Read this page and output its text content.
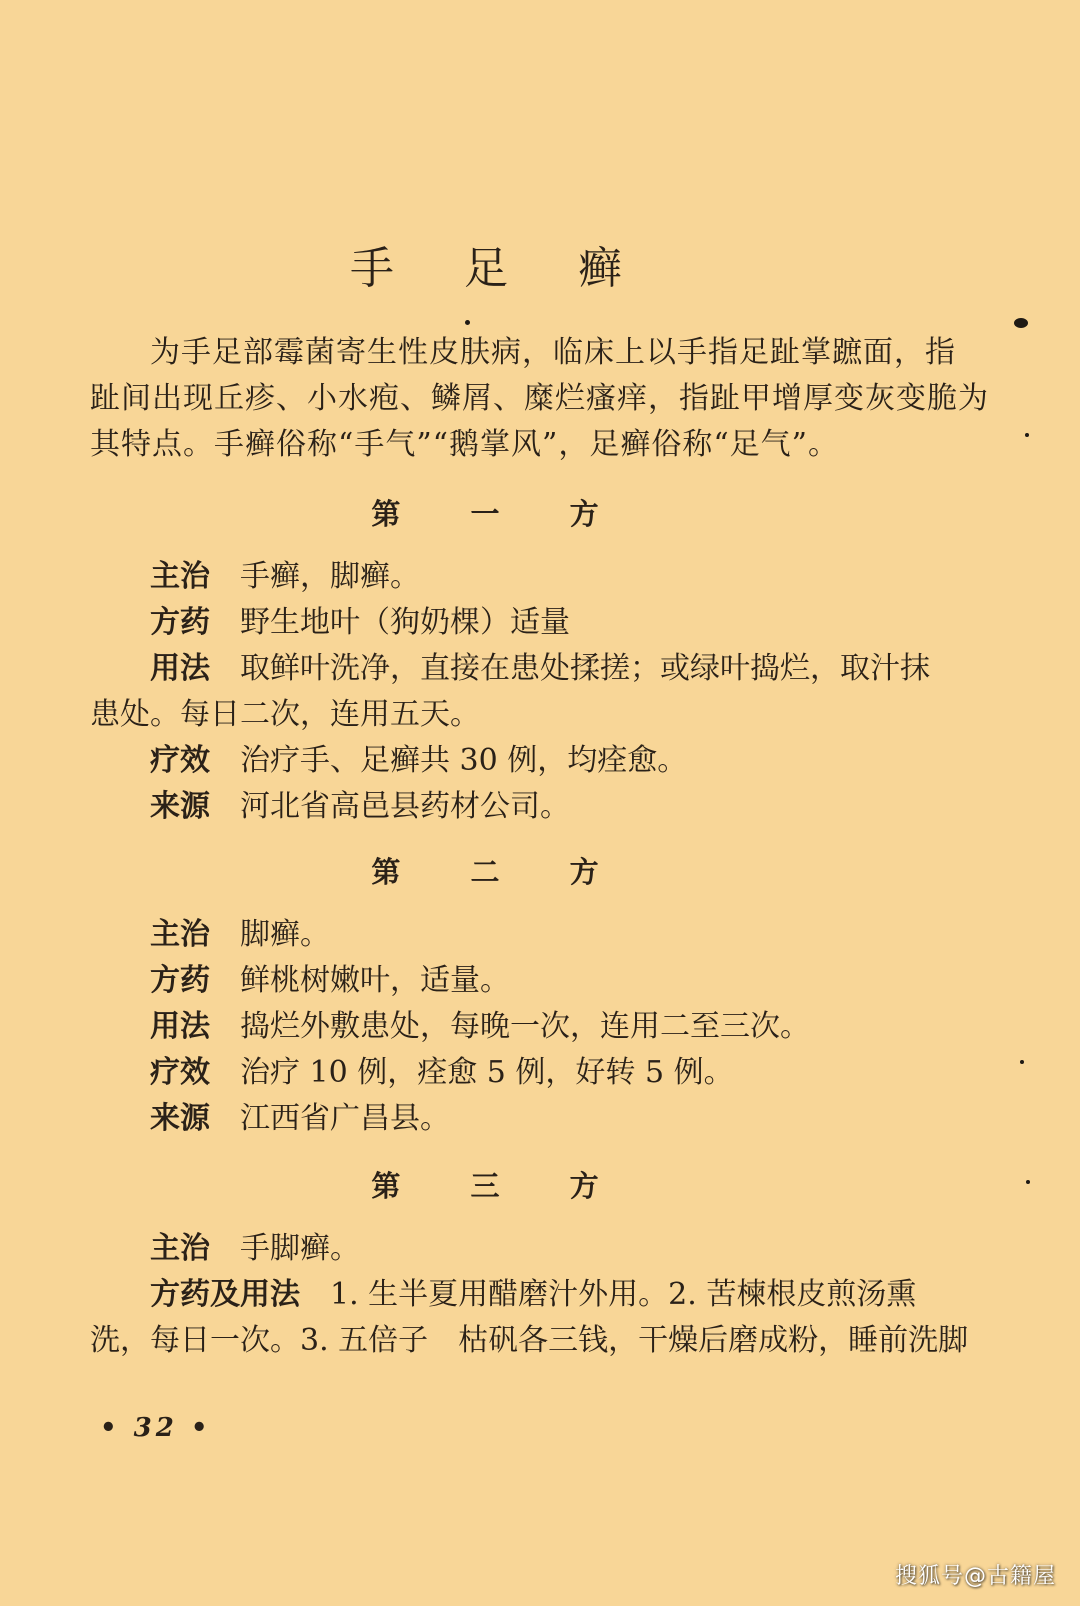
手 足 癣
为手足部霉菌寄生性皮肤病，临床上以手指足趾掌蹠面，指
趾间出现丘疹、小水疱、鳞屑、糜烂瘙痒，指趾甲增厚变灰变脆为
其特点。手癣俗称“手气”“鹅掌风”，足癣俗称“足气”。
第 一 方
主治 手癣，脚癣。
方药 野生地叶（狗奶棵）适量
用法 取鲜叶洗净，直接在患处揉搓；或绿叶捣烂，取汁抹
患处。每日二次，连用五天。
疗效 治疗手、足癣共 30 例，均痊愈。
来源 河北省高邑县药材公司。
第 二 方
主治 脚癣。
方药 鲜桃树嫩叶，适量。
用法 捣烂外敷患处，每晚一次，连用二至三次。
疗效 治疗 10 例，痊愈 5 例，好转 5 例。
来源 江西省广昌县。
第 三 方
主治 手脚癣。
方药及用法 1. 生半夏用醋磨汁外用。2. 苦楝根皮煎汤熏
洗，每日一次。3. 五倍子　枯矾各三钱，干燥后磨成粉，睡前洗脚
• 32 •
搜狐号@古籍屋
